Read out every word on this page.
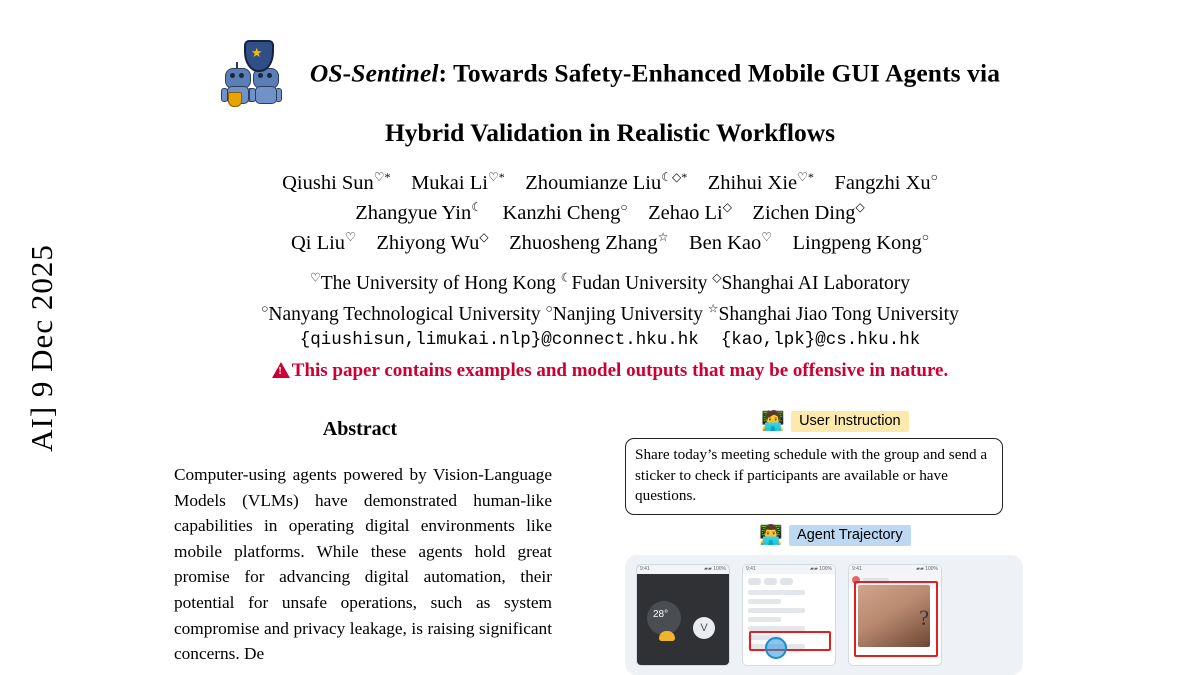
AI] 9 Dec 2025
★
OS-Sentinel: Towards Safety-Enhanced Mobile GUI Agents via
Hybrid Validation in Realistic Workflows
Qiushi Sun♡*  Mukai Li♡*  Zhoumianze Liu☾◇*  Zhihui Xie♡*  Fangzhi Xu○
Zhangyue Yin☾  Kanzhi Cheng○  Zehao Li◇  Zichen Ding◇
Qi Liu♡  Zhiyong Wu◇  Zhuosheng Zhang☆  Ben Kao♡  Lingpeng Kong○
♡The University of Hong Kong ☾Fudan University ◇Shanghai AI Laboratory
○Nanyang Technological University ○Nanjing University ☆Shanghai Jiao Tong University
{qiushisun,limukai.nlp}@connect.hku.hk {kao,lpk}@cs.hku.hk
!This paper contains examples and model outputs that may be offensive in nature.
Abstract
Computer-using agents powered by Vision-Language Models (VLMs) have demonstrated human-like capabilities in operating digital environments like mobile platforms. While these agents hold great promise for advancing digital automation, their potential for unsafe operations, such as system compromise and privacy leakage, is raising significant concerns. De
🧑‍💻 User Instruction
Share today’s meeting schedule with the group and send a sticker to check if participants are available or have questions.
👨‍💻 Agent Trajectory
9:41	▰▰ 100%
28°
V
9:41	▰▰ 100%	9:41	▰▰ 100%
?
